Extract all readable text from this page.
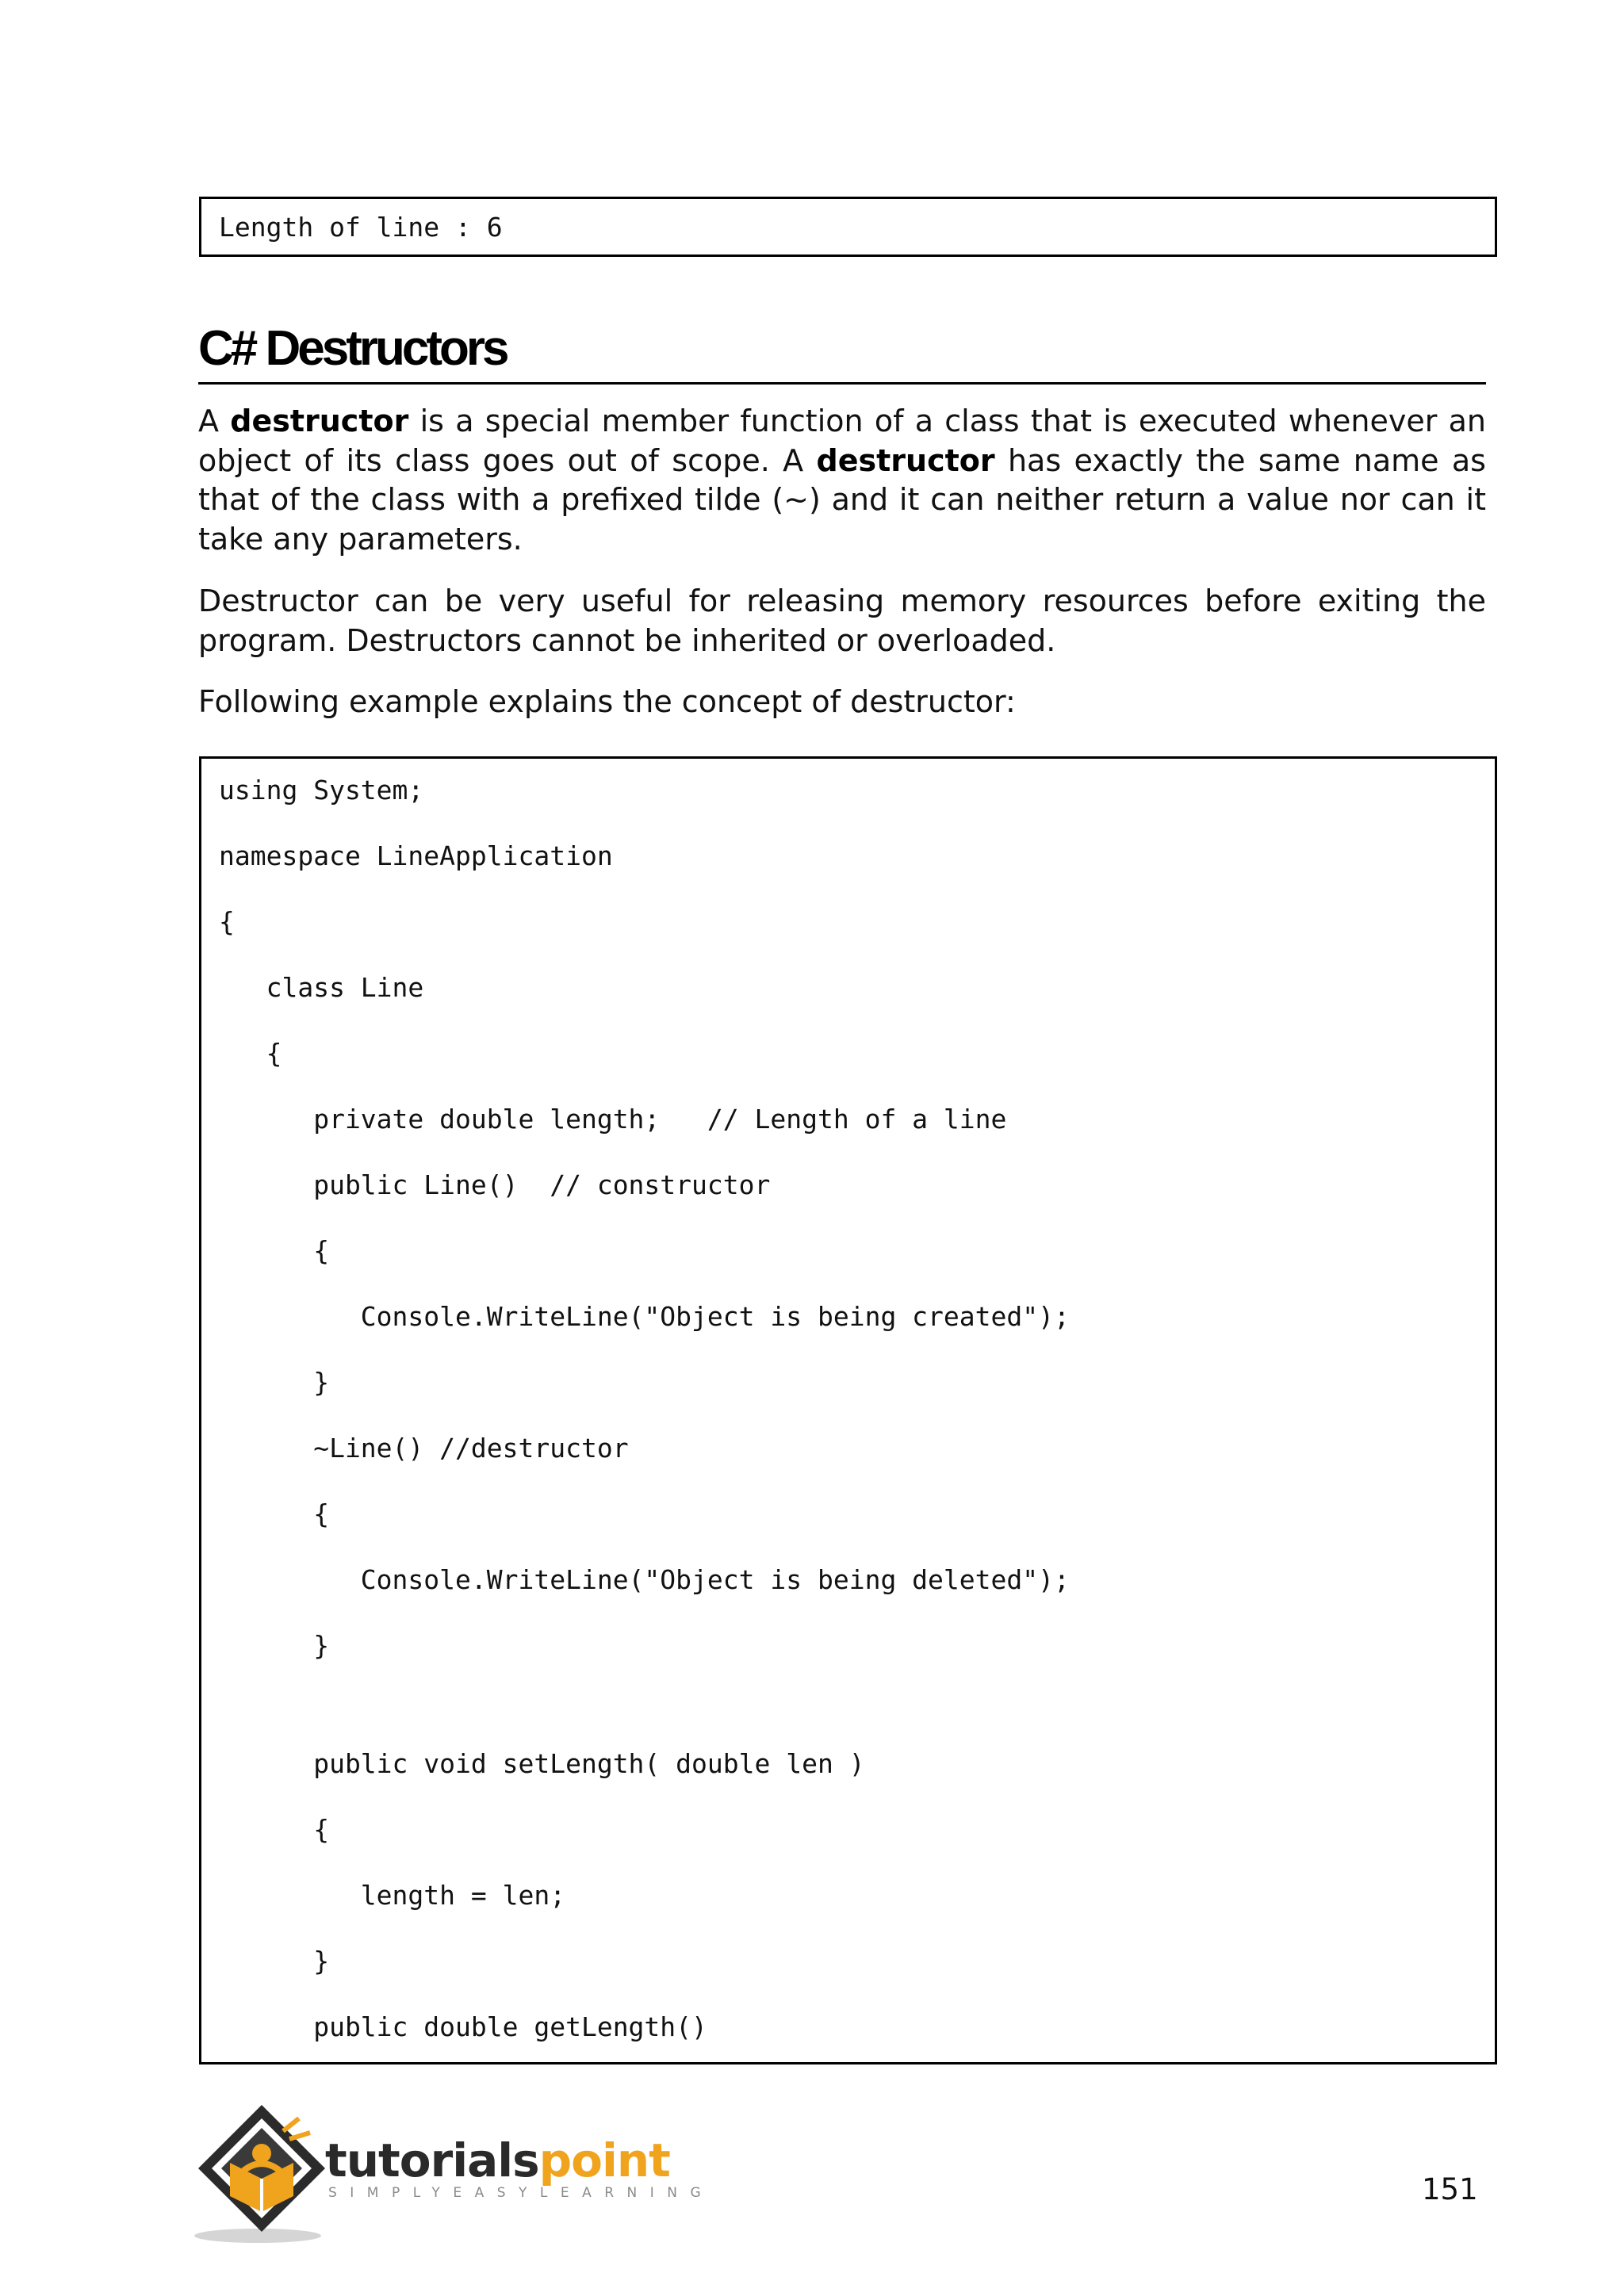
Length of line : 6
C# Destructors

A destructor is a special member function of a class that is executed whenever an object of its class goes out of scope. A destructor has exactly the same name as that of the class with a prefixed tilde (~) and it can neither return a value nor can it take any parameters.

Destructor can be very useful for releasing memory resources before exiting the program. Destructors cannot be inherited or overloaded.

Following example explains the concept of destructor:

using System;
namespace LineApplication
{
class Line
{
private double length;   // Length of a line
public Line()  // constructor
{
Console.WriteLine("Object is being created");
}
~Line() //destructor
{
Console.WriteLine("Object is being deleted");
}
public void setLength( double len )
{
length = len;
}
public double getLength()
tutorialspoint
SIMPLYEASYLEARNING	151
